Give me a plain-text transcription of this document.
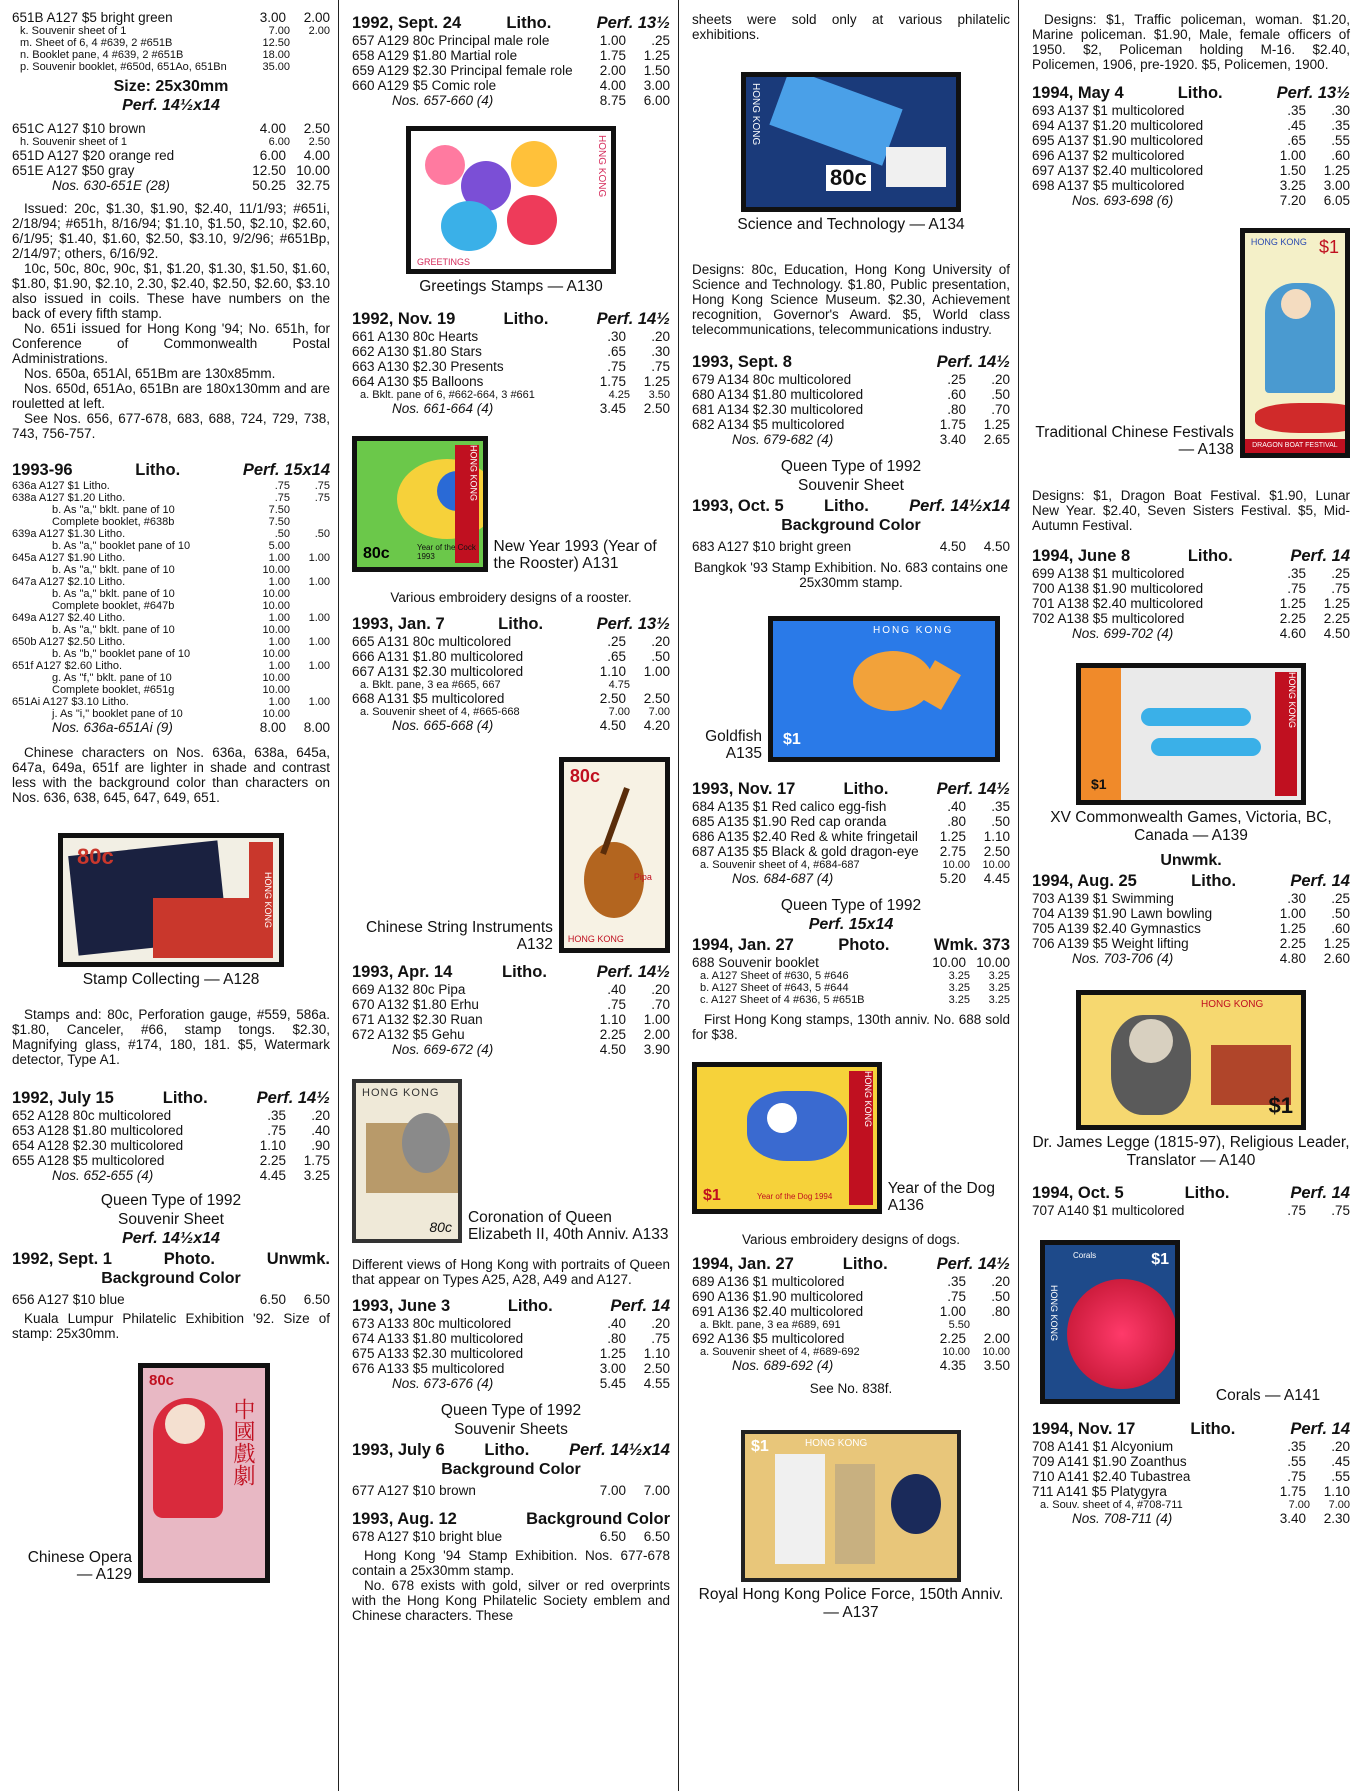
651B A127 $5 bright green	3.00	2.00
k. Souvenir sheet of 1	7.00	2.00
m. Sheet of 6, 4 #639, 2 #651B	12.50
n. Booklet pane, 4 #639, 2 #651B	18.00
p. Souvenir booklet, #650d, 651Ao, 651Bn	35.00
Size: 25x30mm
Perf. 14½x14
651C A127 $10 brown	4.00	2.50
h. Souvenir sheet of 1	6.00	2.50
651D A127 $20 orange red	6.00	4.00
651E A127 $50 gray	12.50 10.00
Nos. 630-651E (28)	50.25 32.75
Issued: 20c, $1.30, $1.90, $2.40, 11/1/93; #651i, 2/18/94; #651h, 8/16/94; $1.10, $1.50, $2.10, $2.60, 6/1/95; $1.40, $1.60, $2.50, $3.10, 9/2/96; #651Bp, 2/14/97; others, 6/16/92.
10c, 50c, 80c, 90c, $1, $1.20, $1.30, $1.50, $1.60, $1.80, $1.90, $2.10, 2.30, $2.40, $2.50, $2.60, $3.10 also issued in coils. These have numbers on the back of every fifth stamp.
No. 651i issued for Hong Kong '94; No. 651h, for Conference of Commonwealth Postal Administrations.
Nos. 650a, 651Al, 651Bm are 130x85mm.
Nos. 650d, 651Ao, 651Bn are 180x130mm and are rouletted at left.
See Nos. 656, 677-678, 683, 688, 724, 729, 738, 743, 756-757.
1993-96	Litho.	Perf. 15x14
636a A127 $1 Litho.	.75	.75
638a A127 $1.20 Litho.	.75	.75
b. As "a," bklt. pane of 10	7.50
Complete booklet, #638b	7.50
639a A127 $1.30 Litho.	.50	.50
b. As "a," booklet pane of 10	5.00
645a A127 $1.90 Litho.	1.00	1.00
b. As "a," bklt. pane of 10	10.00
647a A127 $2.10 Litho.	1.00	1.00
b. As "a," bklt. pane of 10	10.00
Complete booklet, #647b	10.00
649a A127 $2.40 Litho.	1.00	1.00
b. As "a," bklt. pane of 10	10.00
650b A127 $2.50 Litho.	1.00	1.00
b. As "b," booklet pane of 10	10.00
651f A127 $2.60 Litho.	1.00	1.00
g. As "f," bklt. pane of 10	10.00
Complete booklet, #651g	10.00
651Ai A127 $3.10 Litho.	1.00	1.00
j. As "i," booklet pane of 10	10.00
Nos. 636a-651Ai (9)	8.00	8.00
Chinese characters on Nos. 636a, 638a, 645a, 647a, 649a, 651f are lighter in shade and contrast less with the background color than characters on Nos. 636, 638, 645, 647, 649, 651.
HONG KONG
80c
Stamp Collecting — A128
Stamps and: 80c, Perforation gauge, #559, 586a. $1.80, Canceler, #66, stamp tongs. $2.30, Magnifying glass, #174, 180, 181. $5, Watermark detector, Type A1.
1992, July 15	Litho.	Perf. 14½
652 A128 80c multicolored	.35	.20
653 A128 $1.80 multicolored	.75	.40
654 A128 $2.30 multicolored	1.10	.90
655 A128 $5 multicolored	2.25	1.75
Nos. 652-655 (4)	4.45	3.25
Queen Type of 1992
Souvenir Sheet
Perf. 14½x14
1992, Sept. 1	Photo.	Unwmk.
Background Color
656 A127 $10 blue	6.50	6.50
Kuala Lumpur Philatelic Exhibition '92. Size of stamp: 25x30mm.
Chinese Opera — A129
中國戲劇
80c
1992, Sept. 24	Litho.	Perf. 13½
657 A129 80c Principal male role	1.00	.25
658 A129 $1.80 Martial role	1.75	1.25
659 A129 $2.30 Principal female role	2.00	1.50
660 A129 $5 Comic role	4.00	3.00
Nos. 657-660 (4)	8.75	6.00
HONG KONG
GREETINGS
Greetings Stamps — A130
1992, Nov. 19	Litho.	Perf. 14½
661 A130 80c Hearts	.30	.20
662 A130 $1.80 Stars	.65	.30
663 A130 $2.30 Presents	.75	.75
664 A130 $5 Balloons	1.75	1.25
a. Bklt. pane of 6, #662-664, 3 #661	4.25	3.50
Nos. 661-664 (4)	3.45	2.50
HONG KONG
80c	Year of the Cock 1993
New Year 1993 (Year of the Rooster) A131
Various embroidery designs of a rooster.
1993, Jan. 7	Litho.	Perf. 13½
665 A131 80c multicolored	.25	.20
666 A131 $1.80 multicolored	.65	.50
667 A131 $2.30 multicolored	1.10	1.00
a. Bklt. pane, 3 ea #665, 667	4.75
668 A131 $5 multicolored	2.50	2.50
a. Souvenir sheet of 4, #665-668	7.00	7.00
Nos. 665-668 (4)	4.50	4.20
Chinese String Instruments A132
80c
Pipa
HONG KONG
1993, Apr. 14	Litho.	Perf. 14½
669 A132 80c Pipa	.40	.20
670 A132 $1.80 Erhu	.75	.70
671 A132 $2.30 Ruan	1.10	1.00
672 A132 $5 Gehu	2.25	2.00
Nos. 669-672 (4)	4.50	3.90
HONG KONG
80c
Coronation of Queen Elizabeth II, 40th Anniv. A133
Different views of Hong Kong with portraits of Queen that appear on Types A25, A28, A49 and A127.
1993, June 3	Litho.	Perf. 14
673 A133 80c multicolored	.40	.20
674 A133 $1.80 multicolored	.80	.75
675 A133 $2.30 multicolored	1.25	1.10
676 A133 $5 multicolored	3.00	2.50
Nos. 673-676 (4)	5.45	4.55
Queen Type of 1992
Souvenir Sheets
1993, July 6 Litho. Perf. 14½x14
Background Color
677 A127 $10 brown	7.00	7.00
1993, Aug. 12	Background Color
678 A127 $10 bright blue	6.50	6.50
Hong Kong '94 Stamp Exhibition. Nos. 677-678 contain a 25x30mm stamp.
No. 678 exists with gold, silver or red overprints with the Hong Kong Philatelic Society emblem and Chinese characters. These
sheets were sold only at various philatelic exhibitions.
HONG KONG
80c
Science and Technology — A134
Designs: 80c, Education, Hong Kong University of Science and Technology. $1.80, Public presentation, Hong Kong Science Museum. $2.30, Achievement recognition, Governor's Award. $5, World class telecommunications, telecommunications industry.
1993, Sept. 8	Perf. 14½
679 A134 80c multicolored	.25	.20
680 A134 $1.80 multicolored	.60	.50
681 A134 $2.30 multicolored	.80	.70
682 A134 $5 multicolored	1.75	1.25
Nos. 679-682 (4)	3.40	2.65
Queen Type of 1992
Souvenir Sheet
1993, Oct. 5 Litho. Perf. 14½x14
Background Color
683 A127 $10 bright green	4.50	4.50
Bangkok '93 Stamp Exhibition. No. 683 contains one 25x30mm stamp.
Goldfish A135
HONG KONG
$1
1993, Nov. 17	Litho.	Perf. 14½
684 A135 $1 Red calico egg-fish	.40	.35
685 A135 $1.90 Red cap oranda	.80	.50
686 A135 $2.40 Red & white fringetail	1.25	1.10
687 A135 $5 Black & gold dragon-eye	2.75	2.50
a. Souvenir sheet of 4, #684-687	10.00	10.00
Nos. 684-687 (4)	5.20	4.45
Queen Type of 1992
Perf. 15x14
1994, Jan. 27	Photo.	Wmk. 373
688 Souvenir booklet	10.00 10.00
a. A127 Sheet of #630, 5 #646	3.25	3.25
b. A127 Sheet of #643, 5 #644	3.25	3.25
c. A127 Sheet of 4 #636, 5 #651B	3.25	3.25
First Hong Kong stamps, 130th anniv. No. 688 sold for $38.
HONG KONG
$1	Year of the Dog 1994	Year of the Dog A136
Various embroidery designs of dogs.
1994, Jan. 27	Litho.	Perf. 14½
689 A136 $1 multicolored	.35	.20
690 A136 $1.90 multicolored	.75	.50
691 A136 $2.40 multicolored	1.00	.80
a. Bklt. pane, 3 ea #689, 691	5.50
692 A136 $5 multicolored	2.25	2.00
a. Souvenir sheet of 4, #689-692	10.00	10.00
Nos. 689-692 (4)	4.35	3.50
See No. 838f.
HONG KONG
$1
Royal Hong Kong Police Force, 150th Anniv. — A137
Designs: $1, Traffic policeman, woman. $1.20, Marine policeman. $1.90, Male, female officers of 1950. $2, Policeman holding M-16. $2.40, Policemen, 1906, pre-1920. $5, Policemen, 1900.
1994, May 4	Litho.	Perf. 13½
693 A137 $1 multicolored	.35	.30
694 A137 $1.20 multicolored	.45	.35
695 A137 $1.90 multicolored	.65	.55
696 A137 $2 multicolored	1.00	.60
697 A137 $2.40 multicolored	1.50	1.25
698 A137 $5 multicolored	3.25	3.00
Nos. 693-698 (6)	7.20	6.05
Traditional Chinese Festivals — A138
HONG KONG $1
DRAGON BOAT FESTIVAL
Designs: $1, Dragon Boat Festival. $1.90, Lunar New Year. $2.40, Seven Sisters Festival. $5, Mid-Autumn Festival.
1994, June 8	Litho.	Perf. 14
699 A138 $1 multicolored	.35	.25
700 A138 $1.90 multicolored	.75	.75
701 A138 $2.40 multicolored	1.25	1.25
702 A138 $5 multicolored	2.25	2.25
Nos. 699-702 (4)	4.60	4.50
HONG KONG
$1
XV Commonwealth Games, Victoria, BC, Canada — A139
Unwmk.
1994, Aug. 25	Litho.	Perf. 14
703 A139 $1 Swimming	.30	.25
704 A139 $1.90 Lawn bowling	1.00	.50
705 A139 $2.40 Gymnastics	1.25	.60
706 A139 $5 Weight lifting	2.25	1.25
Nos. 703-706 (4)	4.80	2.60
HONG KONG
$1
Dr. James Legge (1815-97), Religious Leader, Translator — A140
1994, Oct. 5	Litho.	Perf. 14
707 A140 $1 multicolored	.75	.75
HONG KONG
$1
Corals
Corals — A141
1994, Nov. 17	Litho.	Perf. 14
708 A141 $1 Alcyonium	.35	.20
709 A141 $1.90 Zoanthus	.55	.45
710 A141 $2.40 Tubastrea	.75	.55
711 A141 $5 Platygyra	1.75	1.10
a. Souv. sheet of 4, #708-711	7.00	7.00
Nos. 708-711 (4)	3.40	2.30
